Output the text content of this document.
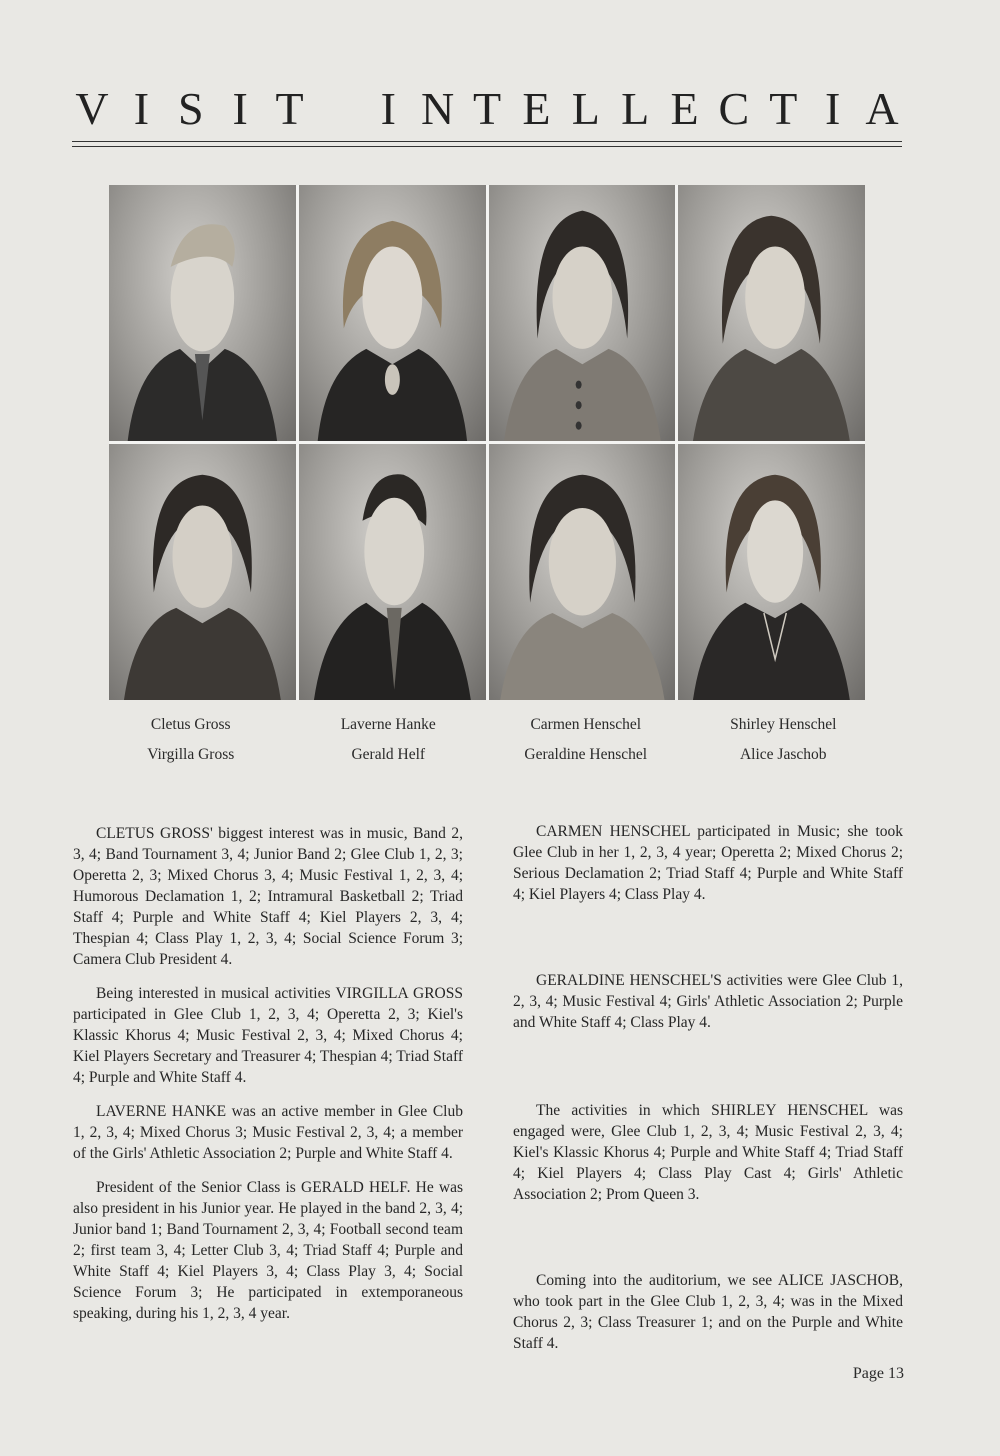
V I S I T I N T E L L E C T I A
Cletus Gross	Laverne Hanke	Carmen Henschel	Shirley Henschel
Virgilla Gross	Gerald Helf	Geraldine Henschel	Alice Jaschob

CLETUS GROSS' biggest interest was in music, Band 2, 3, 4; Band Tournament 3, 4; Junior Band 2; Glee Club 1, 2, 3; Operetta 2, 3; Mixed Chorus 3, 4; Music Festival 1, 2, 3, 4; Humorous Declamation 1, 2; Intramural Basketball 2; Triad Staff 4; Purple and White Staff 4; Kiel Players 2, 3, 4; Thespian 4; Class Play 1, 2, 3, 4; Social Science Forum 3; Camera Club President 4.

Being interested in musical activities VIRGILLA GROSS participated in Glee Club 1, 2, 3, 4; Operetta 2, 3; Kiel's Klassic Khorus 4; Music Festival 2, 3, 4; Mixed Chorus 4; Kiel Players Secretary and Treasurer 4; Thespian 4; Triad Staff 4; Purple and White Staff 4.

LAVERNE HANKE was an active member in Glee Club 1, 2, 3, 4; Mixed Chorus 3; Music Festival 2, 3, 4; a member of the Girls' Athletic Association 2; Purple and White Staff 4.

President of the Senior Class is GERALD HELF. He was also president in his Junior year. He played in the band 2, 3, 4; Junior band 1; Band Tournament 2, 3, 4; Football second team 2; first team 3, 4; Letter Club 3, 4; Triad Staff 4; Purple and White Staff 4; Kiel Players 3, 4; Class Play 3, 4; Social Science Forum 3; He participated in extemporaneous speaking, during his 1, 2, 3, 4 year.

CARMEN HENSCHEL participated in Music; she took Glee Club in her 1, 2, 3, 4 year; Operetta 2; Mixed Chorus 2; Serious Declamation 2; Triad Staff 4; Purple and White Staff 4; Kiel Players 4; Class Play 4.

GERALDINE HENSCHEL'S activities were Glee Club 1, 2, 3, 4; Music Festival 4; Girls' Athletic Association 2; Purple and White Staff 4; Class Play 4.

The activities in which SHIRLEY HENSCHEL was engaged were, Glee Club 1, 2, 3, 4; Music Festival 2, 3, 4; Kiel's Klassic Khorus 4; Purple and White Staff 4; Triad Staff 4; Kiel Players 4; Class Play Cast 4; Girls' Athletic Association 2; Prom Queen 3.

Coming into the auditorium, we see ALICE JASCHOB, who took part in the Glee Club 1, 2, 3, 4; was in the Mixed Chorus 2, 3; Class Treasurer 1; and on the Purple and White Staff 4.

Page 13
